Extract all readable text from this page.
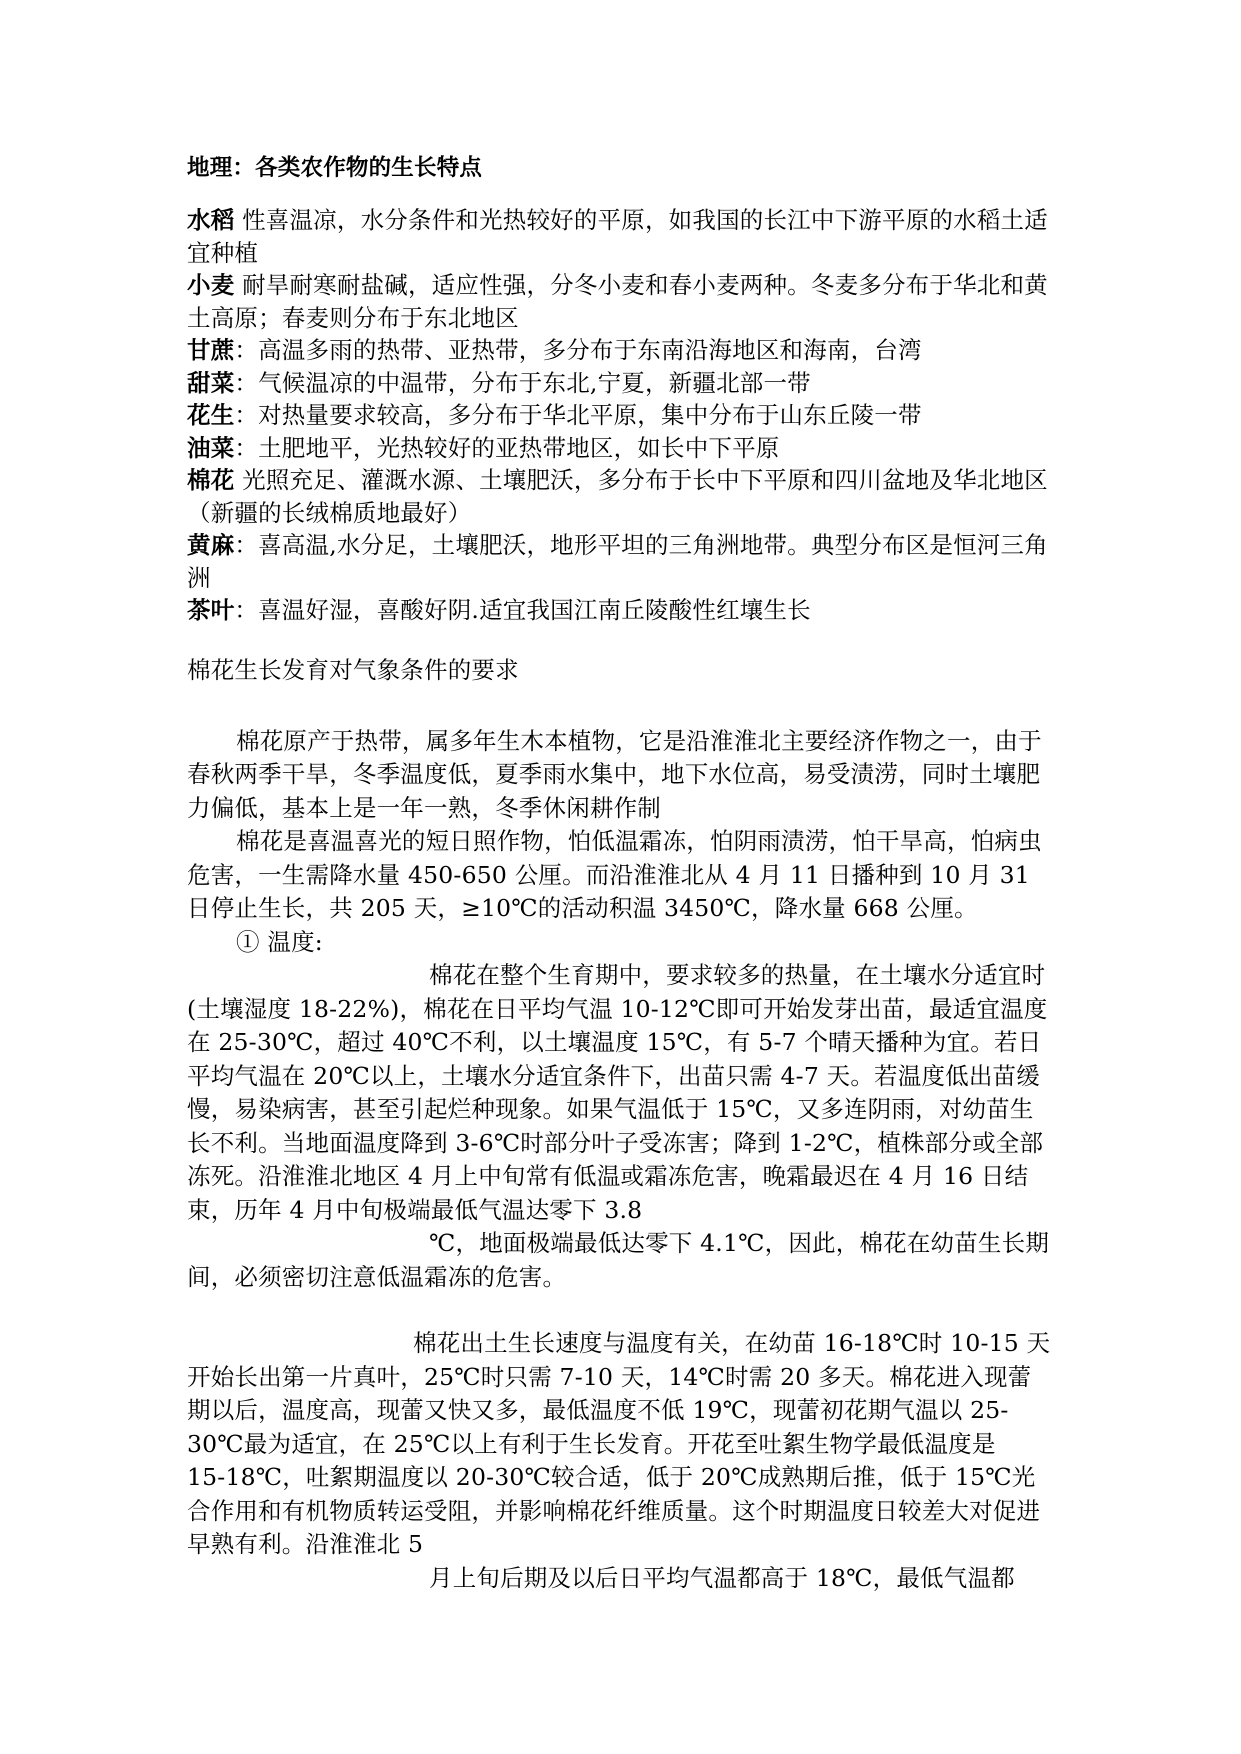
地理：各类农作物的生长特点

水稻 性喜温凉，水分条件和光热较好的平原，如我国的长江中下游平原的水稻土适宜种植

小麦 耐旱耐寒耐盐碱，适应性强，分冬小麦和春小麦两种。冬麦多分布于华北和黄土高原；春麦则分布于东北地区

甘蔗：高温多雨的热带、亚热带，多分布于东南沿海地区和海南，台湾

甜菜：气候温凉的中温带，分布于东北,宁夏，新疆北部一带

花生：对热量要求较高，多分布于华北平原，集中分布于山东丘陵一带

油菜：土肥地平，光热较好的亚热带地区，如长中下平原

棉花 光照充足、灌溉水源、土壤肥沃，多分布于长中下平原和四川盆地及华北地区（新疆的长绒棉质地最好）

黄麻：喜高温,水分足，土壤肥沃，地形平坦的三角洲地带。典型分布区是恒河三角洲

茶叶：喜温好湿，喜酸好阴.适宜我国江南丘陵酸性红壤生长

棉花生长发育对气象条件的要求

棉花原产于热带，属多年生木本植物，它是沿淮淮北主要经济作物之一，由于春秋两季干旱，冬季温度低，夏季雨水集中，地下水位高，易受渍涝，同时土壤肥力偏低，基本上是一年一熟，冬季休闲耕作制

棉花是喜温喜光的短日照作物，怕低温霜冻，怕阴雨渍涝，怕干旱高，怕病虫危害，一生需降水量 450-650 公厘。而沿淮淮北从 4 月 11 日播种到 10 月 31 日停止生长，共 205 天，≥10℃的活动积温 3450℃，降水量 668 公厘。

① 温度:

棉花在整个生育期中，要求较多的热量，在土壤水分适宜时(土壤湿度 18-22%)，棉花在日平均气温 10-12℃即可开始发芽出苗，最适宜温度在 25-30℃，超过 40℃不利，以土壤温度 15℃，有 5-7 个晴天播种为宜。若日平均气温在 20℃以上，土壤水分适宜条件下，出苗只需 4-7 天。若温度低出苗缓慢，易染病害，甚至引起烂种现象。如果气温低于 15℃，又多连阴雨，对幼苗生长不利。当地面温度降到 3-6℃时部分叶子受冻害；降到 1-2℃，植株部分或全部冻死。沿淮淮北地区 4 月上中旬常有低温或霜冻危害，晚霜最迟在 4 月 16 日结束，历年 4 月中旬极端最低气温达零下 3.8

℃，地面极端最低达零下 4.1℃，因此，棉花在幼苗生长期间，必须密切注意低温霜冻的危害。

棉花出土生长速度与温度有关，在幼苗 16-18℃时 10-15 天开始长出第一片真叶，25℃时只需 7-10 天，14℃时需 20 多天。棉花进入现蕾期以后，温度高，现蕾又快又多，最低温度不低 19℃，现蕾初花期气温以 25-30℃最为适宜，在 25℃以上有利于生长发育。开花至吐絮生物学最低温度是

15-18℃，吐絮期温度以 20-30℃较合适，低于 20℃成熟期后推，低于 15℃光合作用和有机物质转运受阻，并影响棉花纤维质量。这个时期温度日较差大对促进早熟有利。沿淮淮北 5

月上旬后期及以后日平均气温都高于 18℃，最低气温都
